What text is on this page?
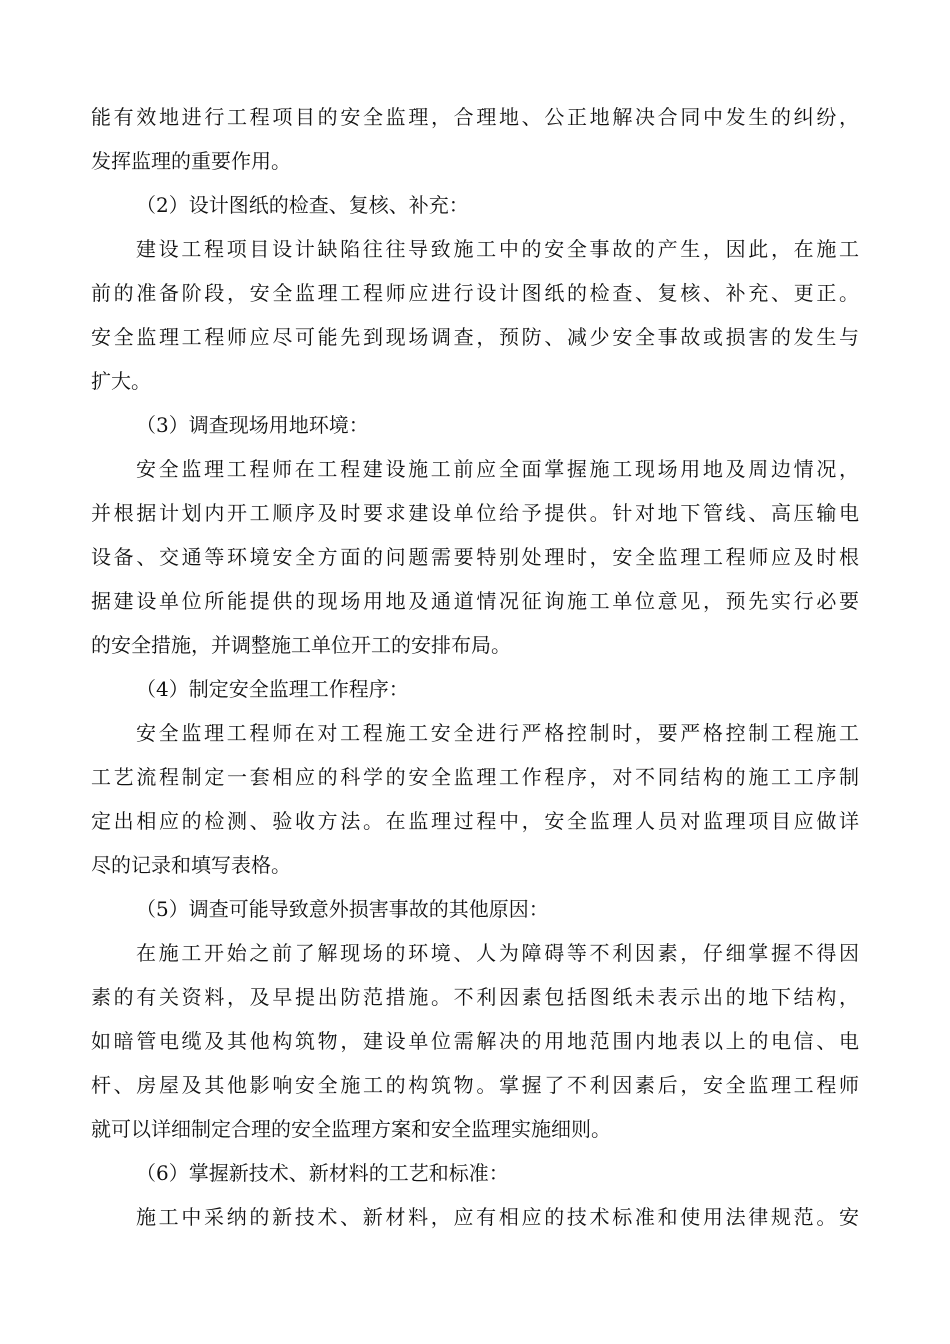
能有效地进行工程项目的安全监理，合理地、公正地解决合同中发生的纠纷，
发挥监理的重要作用。
（2）设计图纸的检查、复核、补充：
建设工程项目设计缺陷往往导致施工中的安全事故的产生，因此，在施工
前的准备阶段，安全监理工程师应进行设计图纸的检查、复核、补充、更正。
安全监理工程师应尽可能先到现场调查，预防、减少安全事故或损害的发生与
扩大。
（3）调查现场用地环境：
安全监理工程师在工程建设施工前应全面掌握施工现场用地及周边情况，
并根据计划内开工顺序及时要求建设单位给予提供。针对地下管线、高压输电
设备、交通等环境安全方面的问题需要特别处理时，安全监理工程师应及时根
据建设单位所能提供的现场用地及通道情况征询施工单位意见，预先实行必要
的安全措施，并调整施工单位开工的安排布局。
（4）制定安全监理工作程序：
安全监理工程师在对工程施工安全进行严格控制时，要严格控制工程施工
工艺流程制定一套相应的科学的安全监理工作程序，对不同结构的施工工序制
定出相应的检测、验收方法。在监理过程中，安全监理人员对监理项目应做详
尽的记录和填写表格。
（5）调查可能导致意外损害事故的其他原因：
在施工开始之前了解现场的环境、人为障碍等不利因素，仔细掌握不得因
素的有关资料，及早提出防范措施。不利因素包括图纸未表示出的地下结构，
如暗管电缆及其他构筑物，建设单位需解决的用地范围内地表以上的电信、电
杆、房屋及其他影响安全施工的构筑物。掌握了不利因素后，安全监理工程师
就可以详细制定合理的安全监理方案和安全监理实施细则。
（6）掌握新技术、新材料的工艺和标准：
施工中采纳的新技术、新材料，应有相应的技术标准和使用法律规范。安
